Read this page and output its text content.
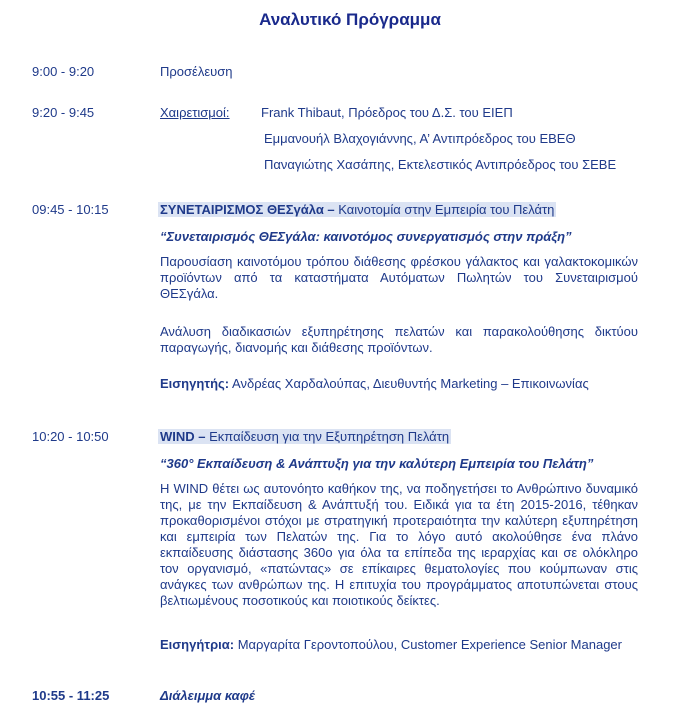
Αναλυτικό Πρόγραμμα
9:00 - 9:20	Προσέλευση
9:20 - 9:45	Χαιρετισμοί: Frank Thibaut, Πρόεδρος του Δ.Σ. του ΕΙΕΠ
Εμμανουήλ Βλαχογιάννης, Α’ Αντιπρόεδρος του ΕΒΕΘ
Παναγιώτης Χασάπης, Εκτελεστικός Αντιπρόεδρος του ΣΕΒΕ
09:45 - 10:15	ΣΥΝΕΤΑΙΡΙΣΜΟΣ ΘΕΣγάλα – Καινοτομία στην Εμπειρία του Πελάτη
“Συνεταιρισμός ΘΕΣγάλα: καινοτόμος συνεργατισμός στην πράξη”
Παρουσίαση καινοτόμου τρόπου διάθεσης φρέσκου γάλακτος και γαλακτοκομικών προϊόντων από τα καταστήματα Αυτόματων Πωλητών του Συνεταιρισμού ΘΕΣγάλα.
Ανάλυση διαδικασιών εξυπηρέτησης πελατών και παρακολούθησης δικτύου παραγωγής, διανομής και διάθεσης προϊόντων.
Εισηγητής: Ανδρέας Χαρδαλούπας, Διευθυντής Marketing – Επικοινωνίας
10:20 - 10:50	WIND – Εκπαίδευση για την Εξυπηρέτηση Πελάτη
“360° Εκπαίδευση & Ανάπτυξη για την καλύτερη Εμπειρία του Πελάτη”
Η WIND θέτει ως αυτονόητο καθήκον της, να ποδηγετήσει το Ανθρώπινο δυναμικό της, με την Εκπαίδευση & Ανάπτυξή του. Ειδικά για τα έτη 2015-2016, τέθηκαν προκαθορισμένοι στόχοι με στρατηγική προτεραιότητα την καλύτερη εξυπηρέτηση και εμπειρία των Πελατών της. Για το λόγο αυτό ακολούθησε ένα πλάνο εκπαίδευσης διάστασης 360ο για όλα τα επίπεδα της ιεραρχίας και σε ολόκληρο τον οργανισμό, «πατώντας» σε επίκαιρες θεματολογίες που κούμπωναν στις ανάγκες των ανθρώπων της. Η επιτυχία του προγράμματος αποτυπώνεται στους βελτιωμένους ποσοτικούς και ποιοτικούς δείκτες.
Εισηγήτρια: Μαργαρίτα Γεροντοπούλου, Customer Experience Senior Manager
10:55 - 11:25	Διάλειμμα καφέ
